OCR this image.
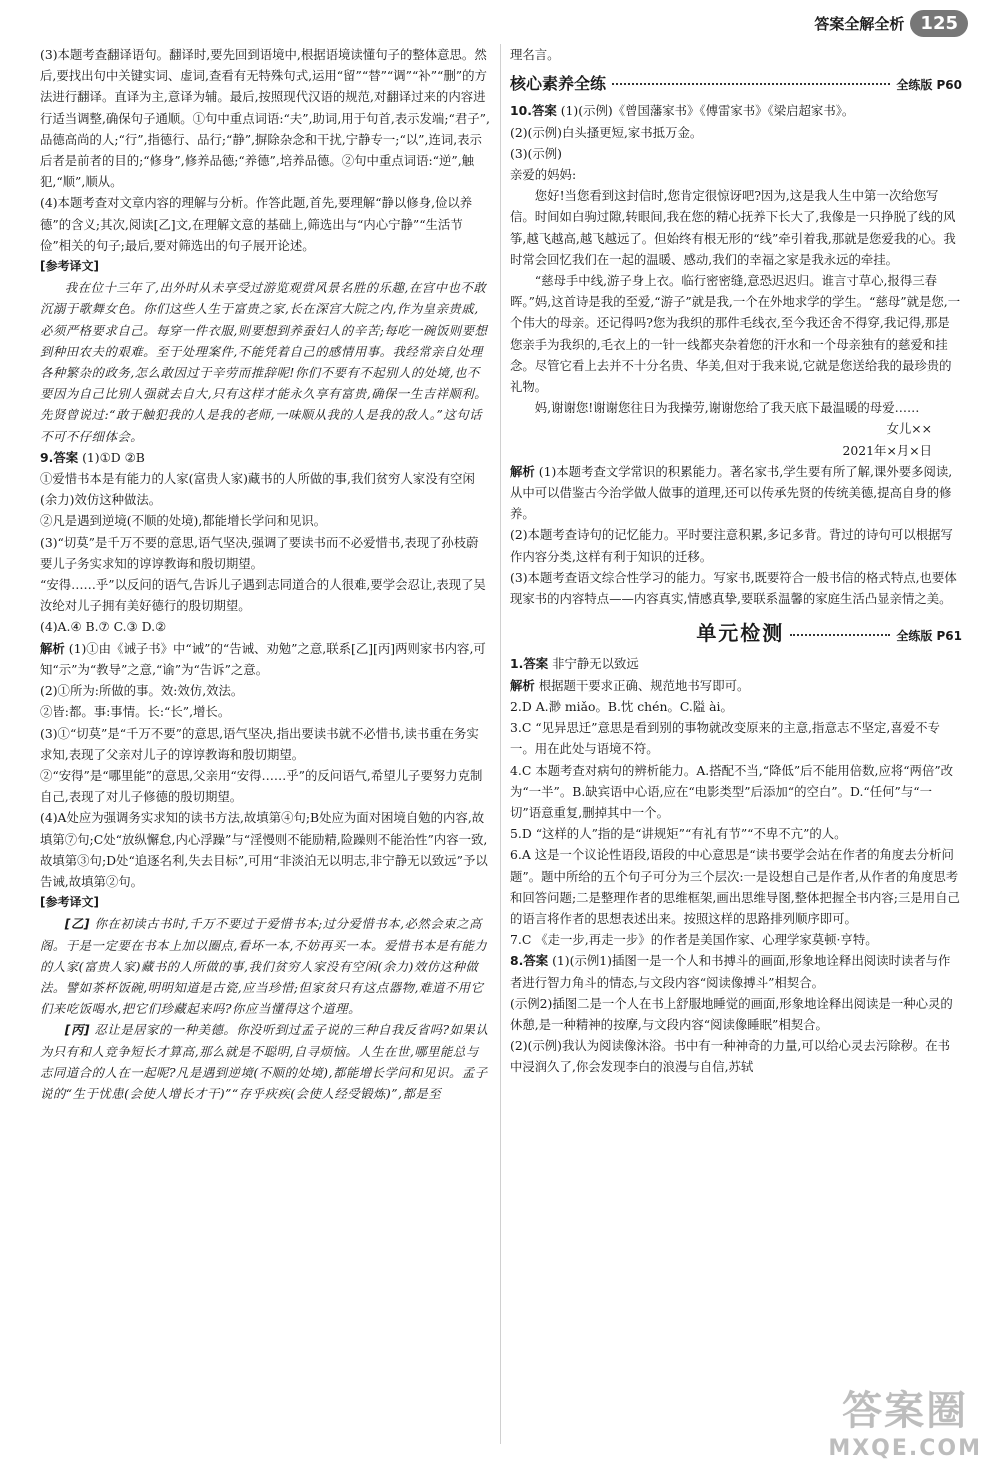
答案全解全析 125

(3)本题考查翻译语句。翻译时,要先回到语境中,根据语境读懂句子的整体意思。然后,要找出句中关键实词、虚词,查看有无特殊句式,运用“留”“替”“调”“补”“删”的方法进行翻译。直译为主,意译为辅。最后,按照现代汉语的规范,对翻译过来的内容进行适当调整,确保句子通顺。①句中重点词语:“夫”,助词,用于句首,表示发端;“君子”,品德高尚的人;“行”,指德行、品行;“静”,摒除杂念和干扰,宁静专一;“以”,连词,表示后者是前者的目的;“修身”,修养品德;“养德”,培养品德。②句中重点词语:“逆”,触犯,“顺”,顺从。

(4)本题考查对文章内容的理解与分析。作答此题,首先,要理解“静以修身,俭以养德”的含义;其次,阅读[乙]文,在理解文意的基础上,筛选出与“内心宁静”“生活节俭”相关的句子;最后,要对筛选出的句子展开论述。

[参考译文]

我在位十三年了,出外时从未享受过游览观赏风景名胜的乐趣,在宫中也不敢沉溺于歌舞女色。你们这些人生于富贵之家,长在深宫大院之内,作为皇亲贵戚,必须严格要求自己。每穿一件衣服,则要想到养蚕妇人的辛苦;每吃一碗饭则要想到种田农夫的艰难。至于处理案件,不能凭着自己的感情用事。我经常亲自处理各种繁杂的政务,怎么敢因过于辛劳而推辞呢!你们不要有不起别人的处境,也不要因为自己比别人强就去自大,只有这样才能永久享有富贵,确保一生吉祥顺利。先贤曾说过:“敢于触犯我的人是我的老师,一味顺从我的人是我的敌人。”这句话不可不仔细体会。

9.答案 (1)①D ②B

①爱惜书本是有能力的人家(富贵人家)藏书的人所做的事,我们贫穷人家没有空闲(余力)效仿这种做法。

②凡是遇到逆境(不顺的处境),都能增长学问和见识。

(3)“切莫”是千万不要的意思,语气坚决,强调了要读书而不必爱惜书,表现了孙枝蔚要儿子务实求知的谆谆教诲和殷切期望。

“安得……乎”以反问的语气,告诉儿子遇到志同道合的人很难,要学会忍让,表现了吴汝纶对儿子拥有美好德行的殷切期望。

(4)A.④ B.⑦ C.③ D.②

解析 (1)①由《诫子书》中“诫”的“告诫、劝勉”之意,联系[乙][丙]两则家书内容,可知“示”为“教导”之意,“谕”为“告诉”之意。

(2)①所为:所做的事。效:效仿,效法。

②皆:都。事:事情。长:“长”,增长。

(3)①“切莫”是“千万不要”的意思,语气坚决,指出要读书就不必惜书,读书重在务实求知,表现了父亲对儿子的谆谆教诲和殷切期望。

②“安得”是“哪里能”的意思,父亲用“安得……乎”的反问语气,希望儿子要努力克制自己,表现了对儿子修德的殷切期望。

(4)A处应为强调务实求知的读书方法,故填第④句;B处应为面对困境自勉的内容,故填第⑦句;C处“放纵懈怠,内心浮躁”与“淫慢则不能励精,险躁则不能治性”内容一致,故填第③句;D处“追逐名利,失去目标”,可用“非淡泊无以明志,非宁静无以致远”予以告诫,故填第②句。

[参考译文]

[乙] 你在初读古书时,千万不要过于爱惜书本;过分爱惜书本,必然会束之高阁。于是一定要在书本上加以圈点,看坏一本,不妨再买一本。爱惜书本是有能力的人家(富贵人家)藏书的人所做的事,我们贫穷人家没有空闲(余力)效仿这种做法。譬如茶杯饭碗,明明知道是古瓷,应当珍惜;但家贫只有这点器物,难道不用它们来吃饭喝水,把它们珍藏起来吗?你应当懂得这个道理。

[丙] 忍让是居家的一种美德。你没听到过孟子说的三种自我反省吗?如果认为只有和人竞争短长才算高,那么就是不聪明,自寻烦恼。人生在世,哪里能总与志同道合的人在一起呢?凡是遇到逆境(不顺的处境),都能增长学问和见识。孟子说的“生于忧患(会使人增长才干)”“存乎疢疾(会使人经受锻炼)”,都是至

理名言。

核心素养全练	全练版 P60

10.答案 (1)(示例)《曾国藩家书》《傅雷家书》《梁启超家书》。

(2)(示例)白头搔更短,家书抵万金。

(3)(示例)

亲爱的妈妈:

您好!当您看到这封信时,您肯定很惊讶吧?因为,这是我人生中第一次给您写信。时间如白驹过隙,转眼间,我在您的精心抚养下长大了,我像是一只挣脱了线的风筝,越飞越高,越飞越远了。但始终有根无形的“线”牵引着我,那就是您爱我的心。我时常会回忆我们在一起的温暖、感动,我们的幸福之家是我永远的牵挂。

“慈母手中线,游子身上衣。临行密密缝,意恐迟迟归。谁言寸草心,报得三春晖。”妈,这首诗是我的至爱,“游子”就是我,一个在外地求学的学生。“慈母”就是您,一个伟大的母亲。还记得吗?您为我织的那件毛线衣,至今我还舍不得穿,我记得,那是您亲手为我织的,毛衣上的一针一线都夹杂着您的汗水和一个母亲独有的慈爱和挂念。尽管它看上去并不十分名贵、华美,但对于我来说,它就是您送给我的最珍贵的礼物。

妈,谢谢您!谢谢您往日为我操劳,谢谢您给了我天底下最温暖的母爱……

女儿××

2021年×月×日

解析 (1)本题考查文学常识的积累能力。著名家书,学生要有所了解,课外要多阅读,从中可以借鉴古今治学做人做事的道理,还可以传承先贤的传统美德,提高自身的修养。

(2)本题考查诗句的记忆能力。平时要注意积累,多记多背。背过的诗句可以根据写作内容分类,这样有利于知识的迁移。

(3)本题考查语文综合性学习的能力。写家书,既要符合一般书信的格式特点,也要体现家书的内容特点——内容真实,情感真挚,要联系温馨的家庭生活凸显亲情之美。

单元检测	全练版 P61

1.答案 非宁静无以致远

解析 根据题干要求正确、规范地书写即可。

2.D A.渺 miǎo。B.忱 chén。C.隘 ài。

3.C “见异思迁”意思是看到别的事物就改变原来的主意,指意志不坚定,喜爱不专一。用在此处与语境不符。

4.C 本题考查对病句的辨析能力。A.搭配不当,“降低”后不能用倍数,应将“两倍”改为“一半”。B.缺宾语中心语,应在“电影类型”后添加“的空白”。D.“任何”与“一切”语意重复,删掉其中一个。

5.D “这样的人”指的是“讲规矩”“有礼有节”“不卑不亢”的人。

6.A 这是一个议论性语段,语段的中心意思是“读书要学会站在作者的角度去分析问题”。题中所给的五个句子可分为三个层次:一是设想自己是作者,从作者的角度思考和回答问题;二是整理作者的思维框架,画出思维导图,整体把握全书内容;三是用自己的语言将作者的思想表述出来。按照这样的思路排列顺序即可。

7.C 《走一步,再走一步》的作者是美国作家、心理学家莫顿·亨特。

8.答案 (1)(示例1)插图一是一个人和书搏斗的画面,形象地诠释出阅读时读者与作者进行智力角斗的情态,与文段内容“阅读像搏斗”相契合。

(示例2)插图二是一个人在书上舒服地睡觉的画面,形象地诠释出阅读是一种心灵的休憩,是一种精神的按摩,与文段内容“阅读像睡眠”相契合。

(2)(示例)我认为阅读像沐浴。书中有一种神奇的力量,可以给心灵去污除秽。在书中浸润久了,你会发现李白的浪漫与自信,苏轼

答案圈
MXQE.COM
